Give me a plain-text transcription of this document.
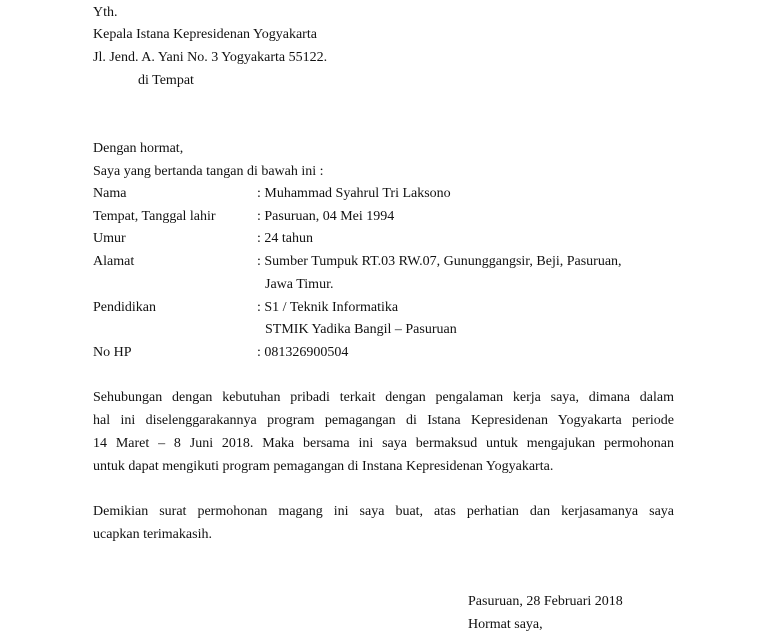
Yth.
Kepala Istana Kepresidenan Yogyakarta
Jl. Jend. A. Yani No. 3 Yogyakarta 55122.
di Tempat
Dengan hormat,
Saya yang bertanda tangan di bawah ini :
Nama	: Muhammad Syahrul Tri Laksono
Tempat, Tanggal lahir	: Pasuruan, 04 Mei 1994
Umur	: 24 tahun
Alamat	: Sumber Tumpuk RT.03 RW.07, Gununggangsir, Beji, Pasuruan,
Jawa Timur.
Pendidikan	: S1 / Teknik Informatika
STMIK Yadika Bangil – Pasuruan
No HP	: 081326900504
Sehubungan dengan kebutuhan pribadi terkait dengan pengalaman kerja saya, dimana dalam
hal ini diselenggarakannya program pemagangan di Istana Kepresidenan Yogyakarta periode
14 Maret – 8 Juni 2018. Maka bersama ini saya bermaksud untuk mengajukan permohonan
untuk dapat mengikuti program pemagangan di Instana Kepresidenan Yogyakarta.
Demikian surat permohonan magang ini saya buat, atas perhatian dan kerjasamanya saya
ucapkan terimakasih.
Pasuruan, 28 Februari 2018
Hormat saya,
